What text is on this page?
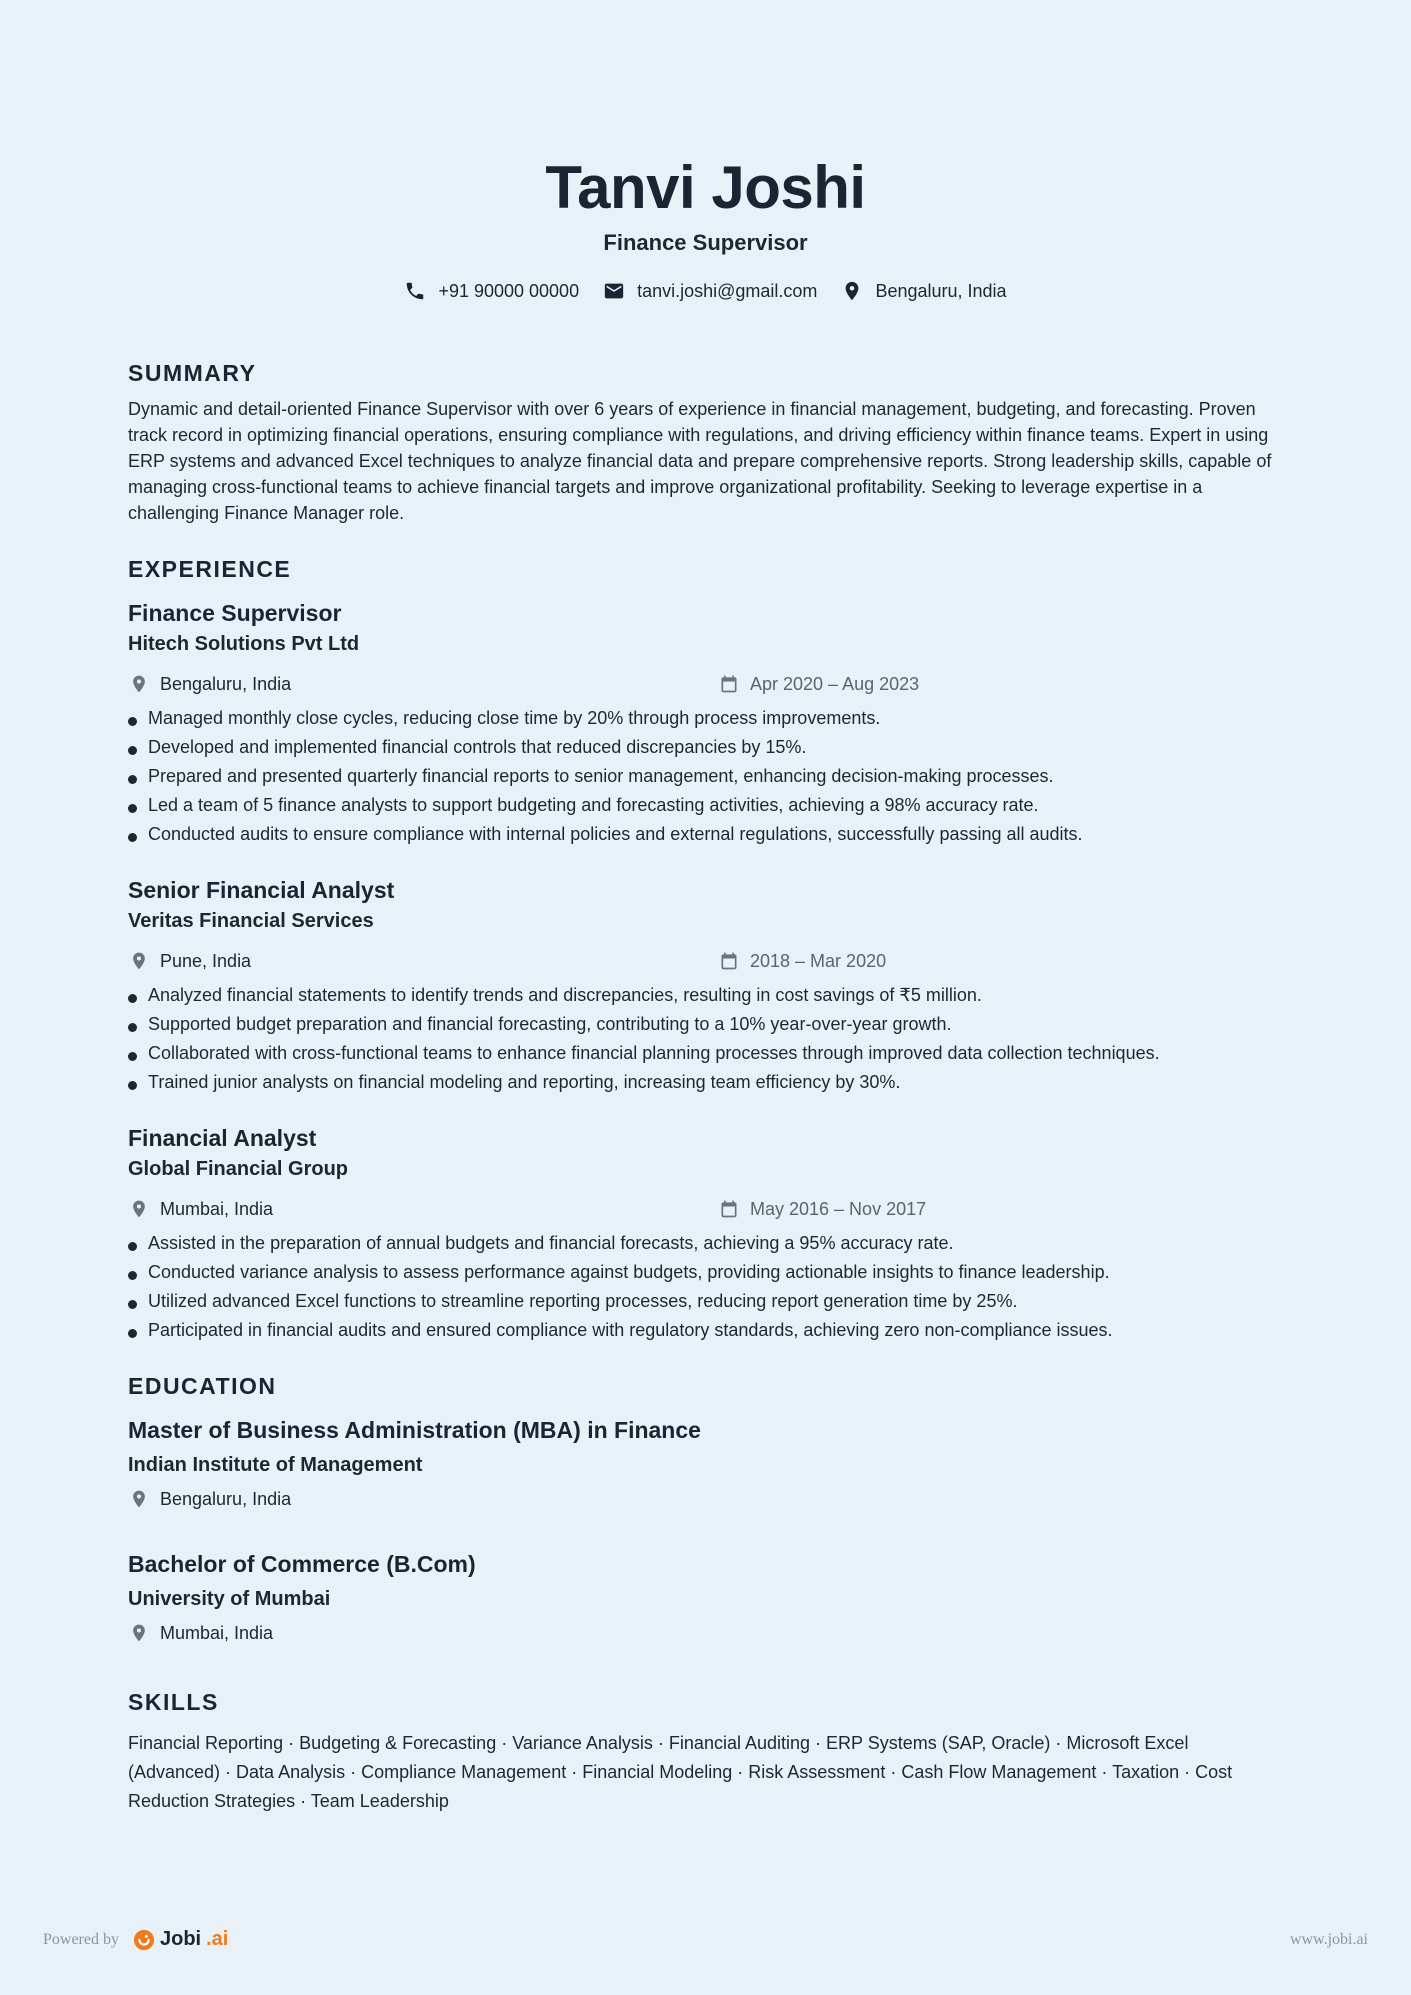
Tanvi Joshi
Finance Supervisor
+91 90000 00000	tanvi.joshi@gmail.com	Bengaluru, India
SUMMARY
Dynamic and detail-oriented Finance Supervisor with over 6 years of experience in financial management, budgeting, and forecasting. Proven track record in optimizing financial operations, ensuring compliance with regulations, and driving efficiency within finance teams. Expert in using ERP systems and advanced Excel techniques to analyze financial data and prepare comprehensive reports. Strong leadership skills, capable of managing cross-functional teams to achieve financial targets and improve organizational profitability. Seeking to leverage expertise in a challenging Finance Manager role.
EXPERIENCE
Finance Supervisor
Hitech Solutions Pvt Ltd
Bengaluru, India	Apr 2020 – Aug 2023
Managed monthly close cycles, reducing close time by 20% through process improvements.
Developed and implemented financial controls that reduced discrepancies by 15%.
Prepared and presented quarterly financial reports to senior management, enhancing decision-making processes.
Led a team of 5 finance analysts to support budgeting and forecasting activities, achieving a 98% accuracy rate.
Conducted audits to ensure compliance with internal policies and external regulations, successfully passing all audits.
Senior Financial Analyst
Veritas Financial Services
Pune, India	2018 – Mar 2020
Analyzed financial statements to identify trends and discrepancies, resulting in cost savings of ₹5 million.
Supported budget preparation and financial forecasting, contributing to a 10% year-over-year growth.
Collaborated with cross-functional teams to enhance financial planning processes through improved data collection techniques.
Trained junior analysts on financial modeling and reporting, increasing team efficiency by 30%.
Financial Analyst
Global Financial Group
Mumbai, India	May 2016 – Nov 2017
Assisted in the preparation of annual budgets and financial forecasts, achieving a 95% accuracy rate.
Conducted variance analysis to assess performance against budgets, providing actionable insights to finance leadership.
Utilized advanced Excel functions to streamline reporting processes, reducing report generation time by 25%.
Participated in financial audits and ensured compliance with regulatory standards, achieving zero non-compliance issues.
EDUCATION
Master of Business Administration (MBA) in Finance
Indian Institute of Management
Bengaluru, India
Bachelor of Commerce (B.Com)
University of Mumbai
Mumbai, India
SKILLS
Financial Reporting · Budgeting & Forecasting · Variance Analysis · Financial Auditing · ERP Systems (SAP, Oracle) · Microsoft Excel (Advanced) · Data Analysis · Compliance Management · Financial Modeling · Risk Assessment · Cash Flow Management · Taxation · Cost Reduction Strategies · Team Leadership
Powered by Jobi .ai	www.jobi.ai
